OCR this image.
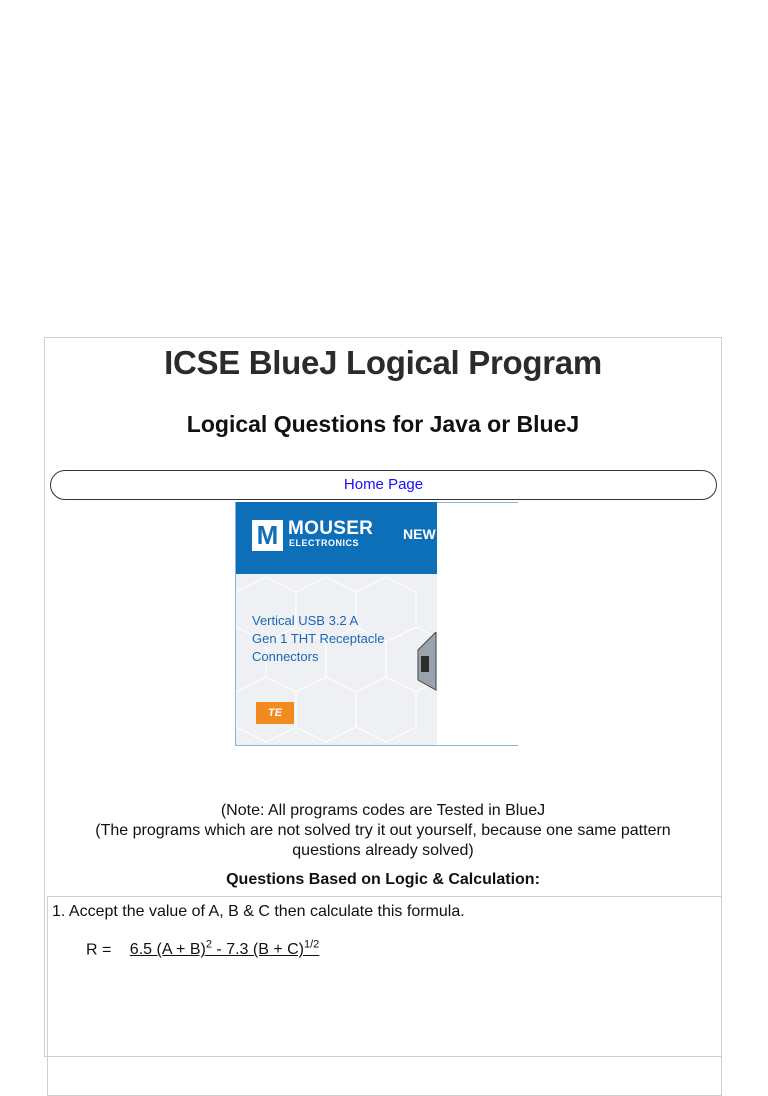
ICSE BlueJ Logical Program
Logical Questions for Java or BlueJ
Home Page
M MOUSER
ELECTRONICS
NEW
Vertical USB 3.2 A
Gen 1 THT Receptacle
Connectors
TE
(Note: All programs codes are Tested in BlueJ
(The programs which are not solved try it out yourself, because one same pattern
questions already solved)
Questions Based on Logic & Calculation:
1. Accept the value of A, B & C then calculate this formula.
R = 6.5 $(A + B)^2 - 7.3$ $(B + C)^{1/2}$
